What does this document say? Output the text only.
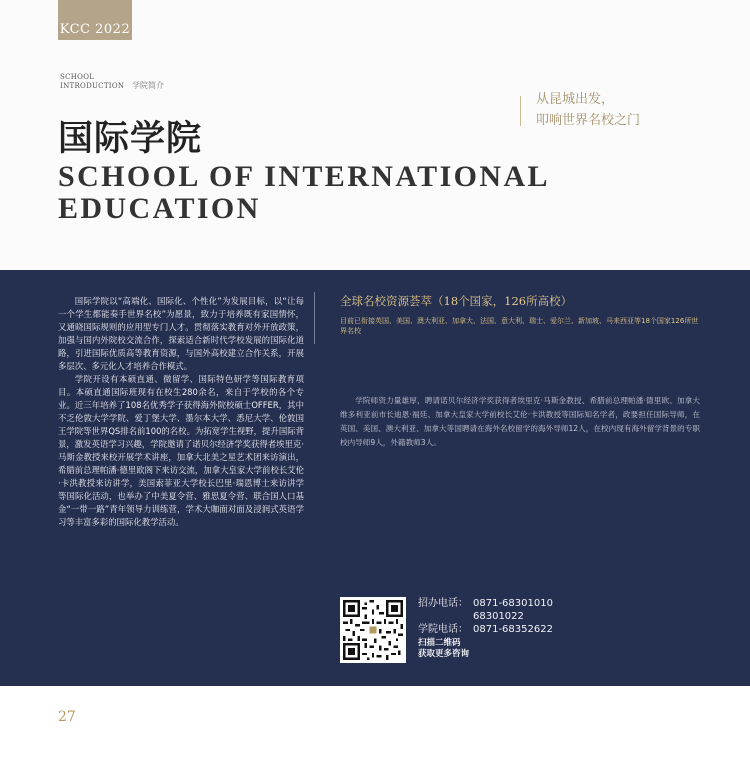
KCC 2022
SCHOOL
INTRODUCTION 学院简介
国际学院
SCHOOL OF INTERNATIONAL
EDUCATION
从昆城出发，
叩响世界名校之门

国际学院以“高端化、国际化、个性化”为发展目标，以“让每一个学生都能奏手世界名校”为愿景，致力于培养既有家国情怀，又通晓国际规则的应用型专门人才。贯彻落实教育对外开放政策，加强与国内外院校交流合作，探索适合新时代学校发展的国际化道路，引进国际优质高等教育资源，与国外高校建立合作关系，开展多层次、多元化人才培养合作模式。

学院开设有本硕直通、微留学、国际特色研学等国际教育项目。本硕直通国际班现有在校生280余名，来自于学校的各个专业。近三年培养了108名优秀学子获得海外院校硕士OFFER，其中不乏伦敦大学学院、爱丁堡大学、墨尔本大学、悉尼大学、伦敦国王学院等世界QS排名前100的名校。为拓宽学生视野，提升国际背景，激发英语学习兴趣，学院邀请了诺贝尔经济学奖获得者埃里克·马斯金教授来校开展学术讲座，加拿大北美之星艺术团来访演出，希腊前总理帕潘·德里欧阁下来访交流，加拿大皇家大学前校长艾伦·卡洪教授来访讲学，美国索菲亚大学校长巴里·瑞恩博士来访讲学等国际化活动，也举办了中美夏令营、雅思夏令营、联合国人口基金“一带一路”青年领导力训练营，学术大咖面对面及浸润式英语学习等丰富多彩的国际化教学活动。

全球名校资源荟萃（18个国家，126所高校）
目前已衔接英国、美国、澳大利亚、加拿大、法国、意大利、瑞士、爱尔兰、新加坡、马来西亚等18个国家126所世界名校

学院师资力量雄厚，聘请诺贝尔经济学奖获得者埃里克·马斯金教授、希腊前总理帕潘·德里欧、加拿大维多利亚前市长迪恩·福廷、加拿大皇家大学前校长艾伦·卡洪教授等国际知名学者，政要担任国际导师，在英国、美国、澳大利亚、加拿大等国聘请在海外名校留学的海外导师12人，在校内现有海外留学背景的专职校内导师9人，外籍教师3人。

招办电话： 0871-68301010
68301022
学院电话： 0871-68352622
扫描二维码
获取更多咨询
27
